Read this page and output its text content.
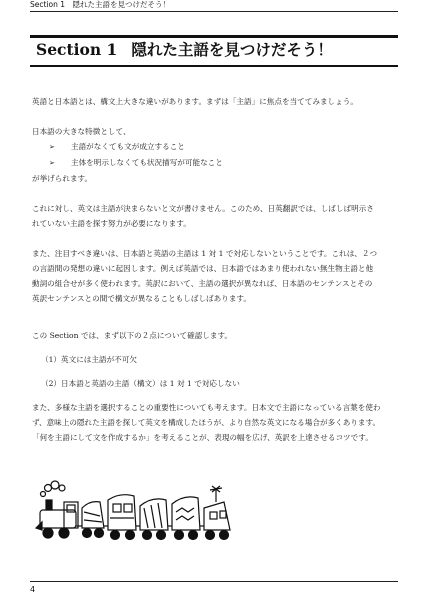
Section 1　隠れた主語を見つけだそう！
Section 1 隠れた主語を見つけだそう！

英語と日本語とは、構文上大きな違いがあります。まずは「主語」に焦点を当ててみましょう。

日本語の大きな特徴として、

➢ 主語がなくても文が成立すること

➢ 主体を明示しなくても状況描写が可能なこと

が挙げられます。

これに対し、英文は主語が決まらないと文が書けません。このため、日英翻訳では、しばしば明示さ

れていない主語を探す努力が必要になります。

また、注目すべき違いは、日本語と英語の主語は 1 対 1 で対応しないということです。これは、２つ

の言語間の発想の違いに起因します。例えば英語では、日本語ではあまり使われない無生物主語と他

動詞の組合せが多く使われます。英訳において、主語の選択が異なれば、日本語のセンテンスとその

英訳センテンスとの間で構文が異なることもしばしばあります。

この Section では、まず以下の２点について確認します。

（1）英文には主語が不可欠

（2）日本語と英語の主語（構文）は 1 対 1 で対応しない

また、多様な主語を選択することの重要性についても考えます。日本文で主語になっている言葉を使わ

ず、意味上の隠れた主語を探して英文を構成したほうが、より自然な英文になる場合が多くあります。

「何を主語にして文を作成するか」を考えることが、表現の幅を広げ、英訳を上達させるコツです。

4
